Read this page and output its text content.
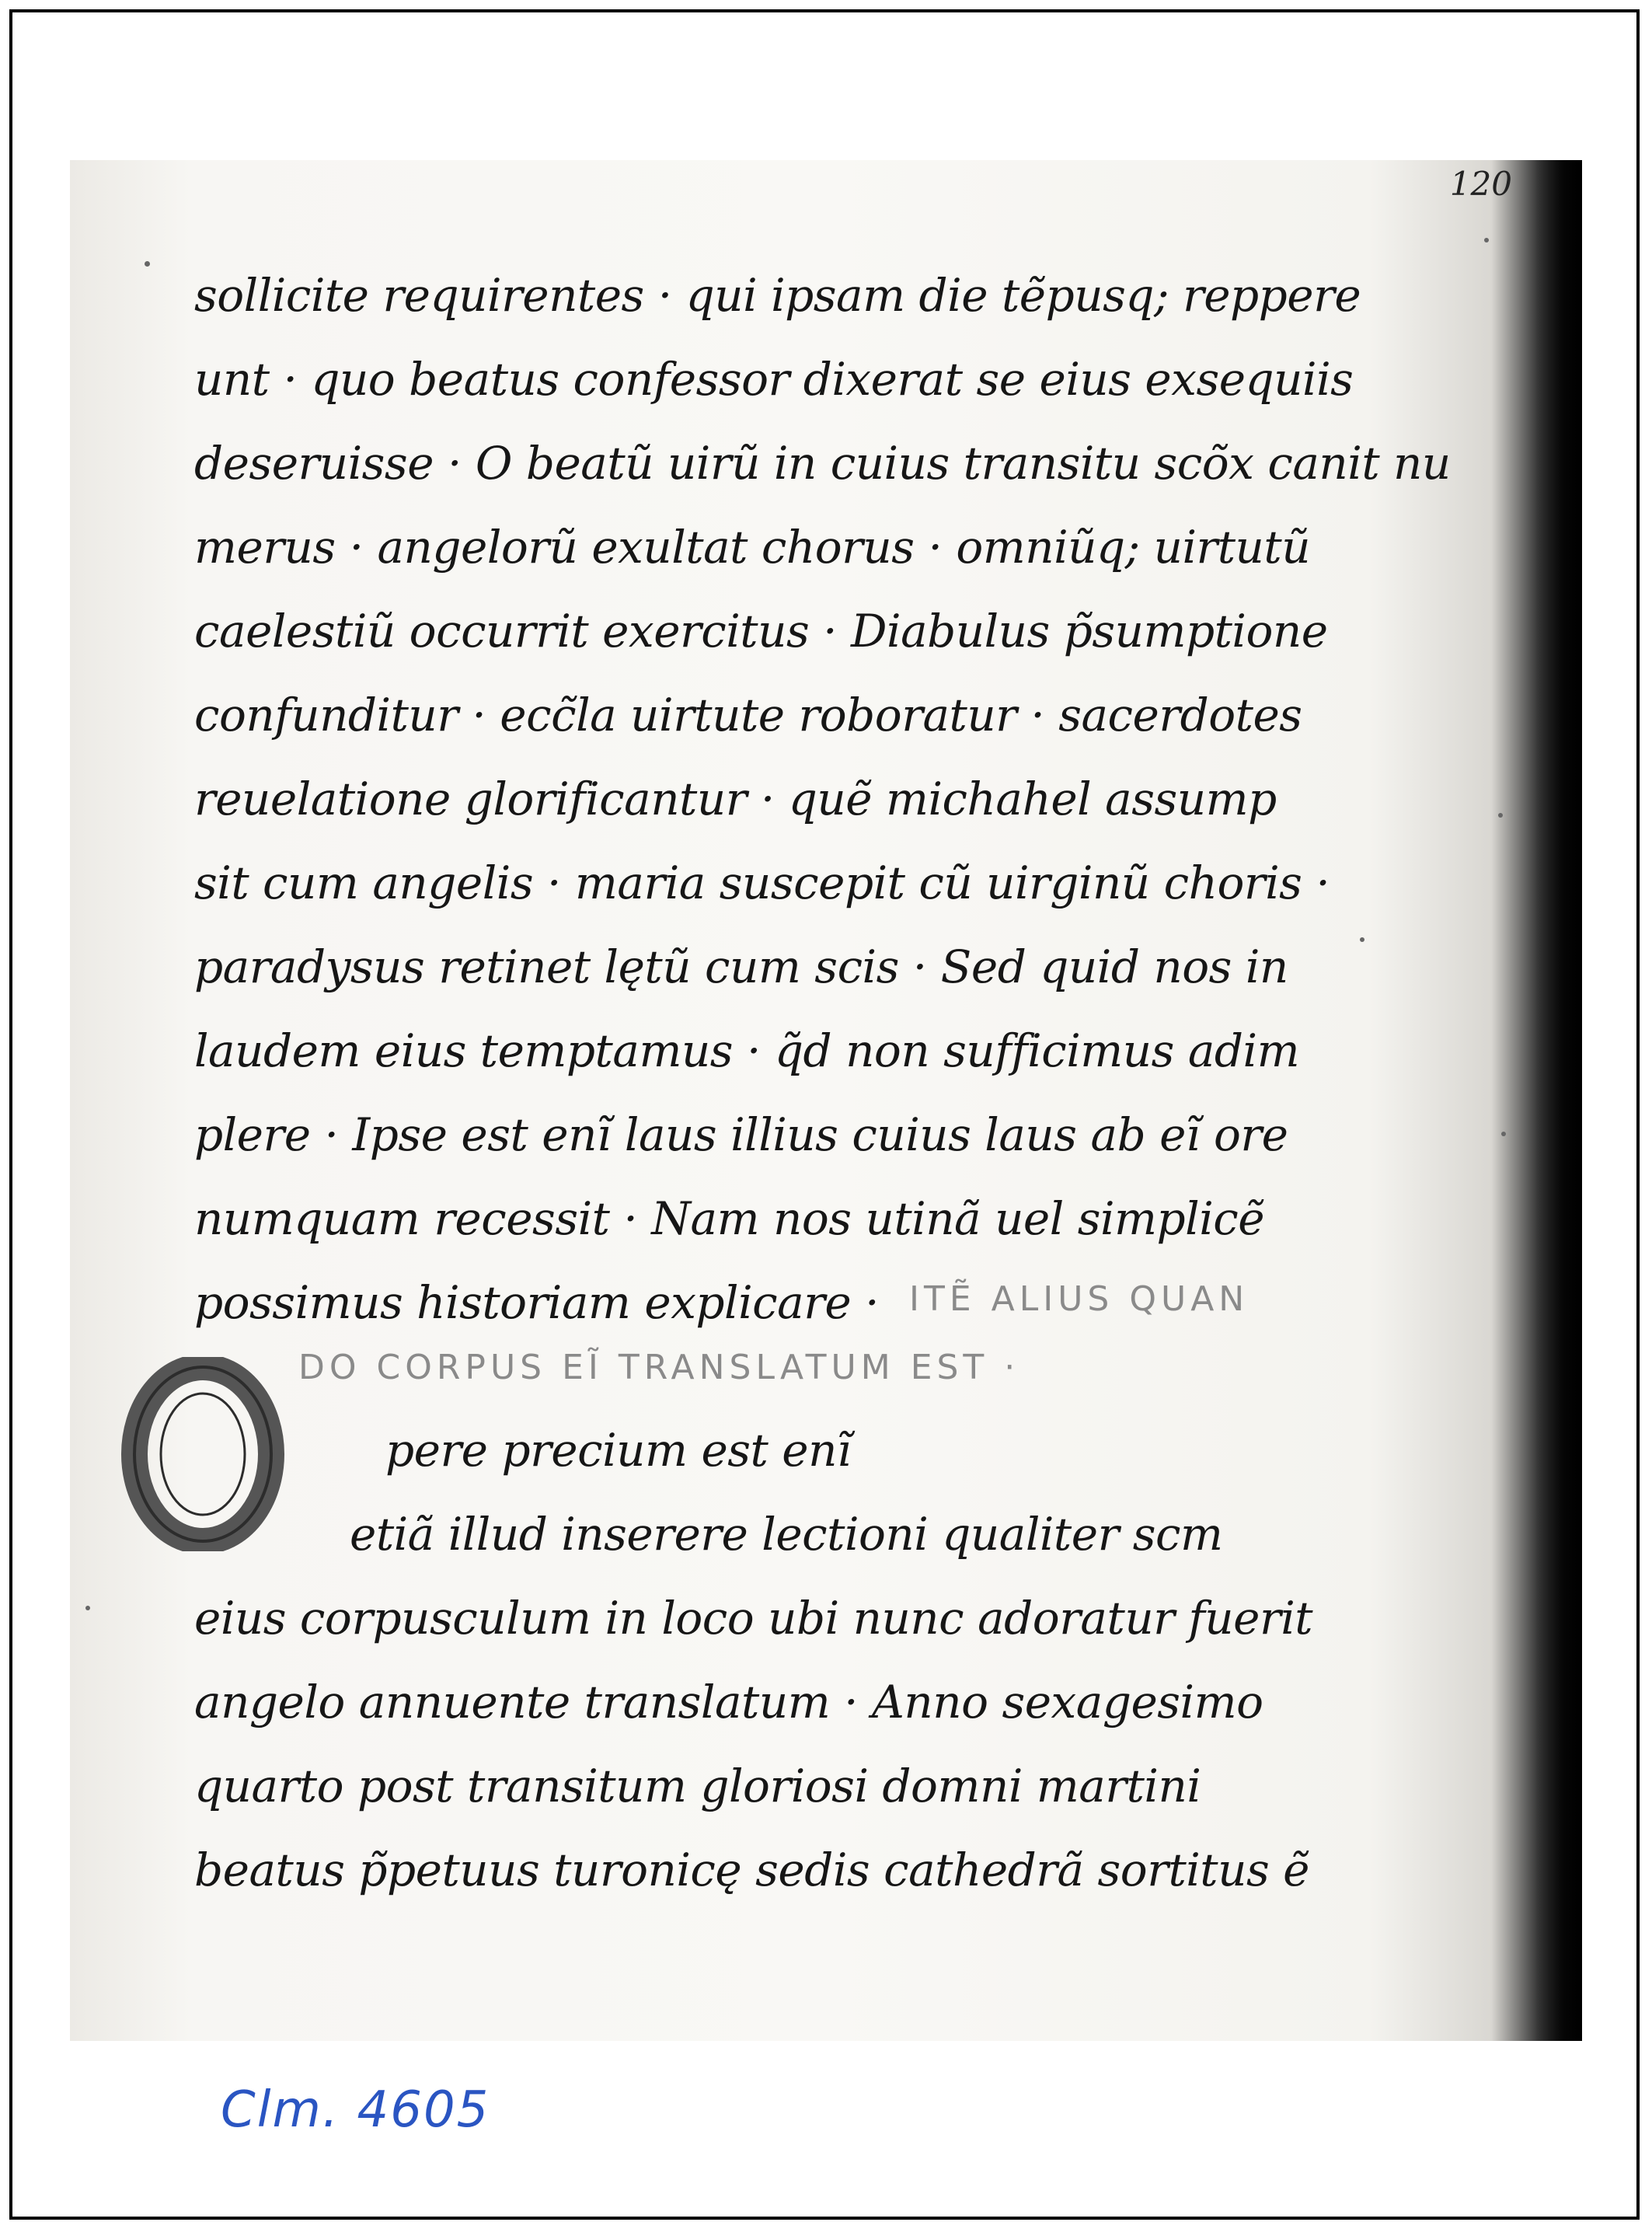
120
sollicite requirentes · qui ipsam die tẽpusq; reppere
unt · quo beatus confessor dixerat se eius exsequiis
deseruisse · O beatũ uirũ in cuius transitu scõx canit nu
merus · angelorũ exultat chorus · omniũq; uirtutũ
caelestiũ occurrit exercitus · Diabulus p̃sumptione
confunditur · ecc̃la uirtute roboratur · sacerdotes
reuelatione glorificantur · quẽ michahel assump
sit cum angelis · maria suscepit cũ uirginũ choris ·
paradysus retinet lętũ cum scis · Sed quid nos in
laudem eius temptamus · q̃d non sufficimus adim
plere · Ipse est enĩ laus illius cuius laus ab eĩ ore
numquam recessit · Nam nos utinã uel simplicẽ
possimus historiam explicare · ITẼ ALIUS QUAN
DO CORPUS EĨ TRANSLATUM EST ·
O	pere precium est enĩ
etiã illud inserere lectioni qualiter scm
eius corpusculum in loco ubi nunc adoratur fuerit
angelo annuente translatum · Anno sexagesimo
quarto post transitum gloriosi domni martini
beatus p̃petuus turonicę sedis cathedrã sortitus ẽ
Clm. 4605
